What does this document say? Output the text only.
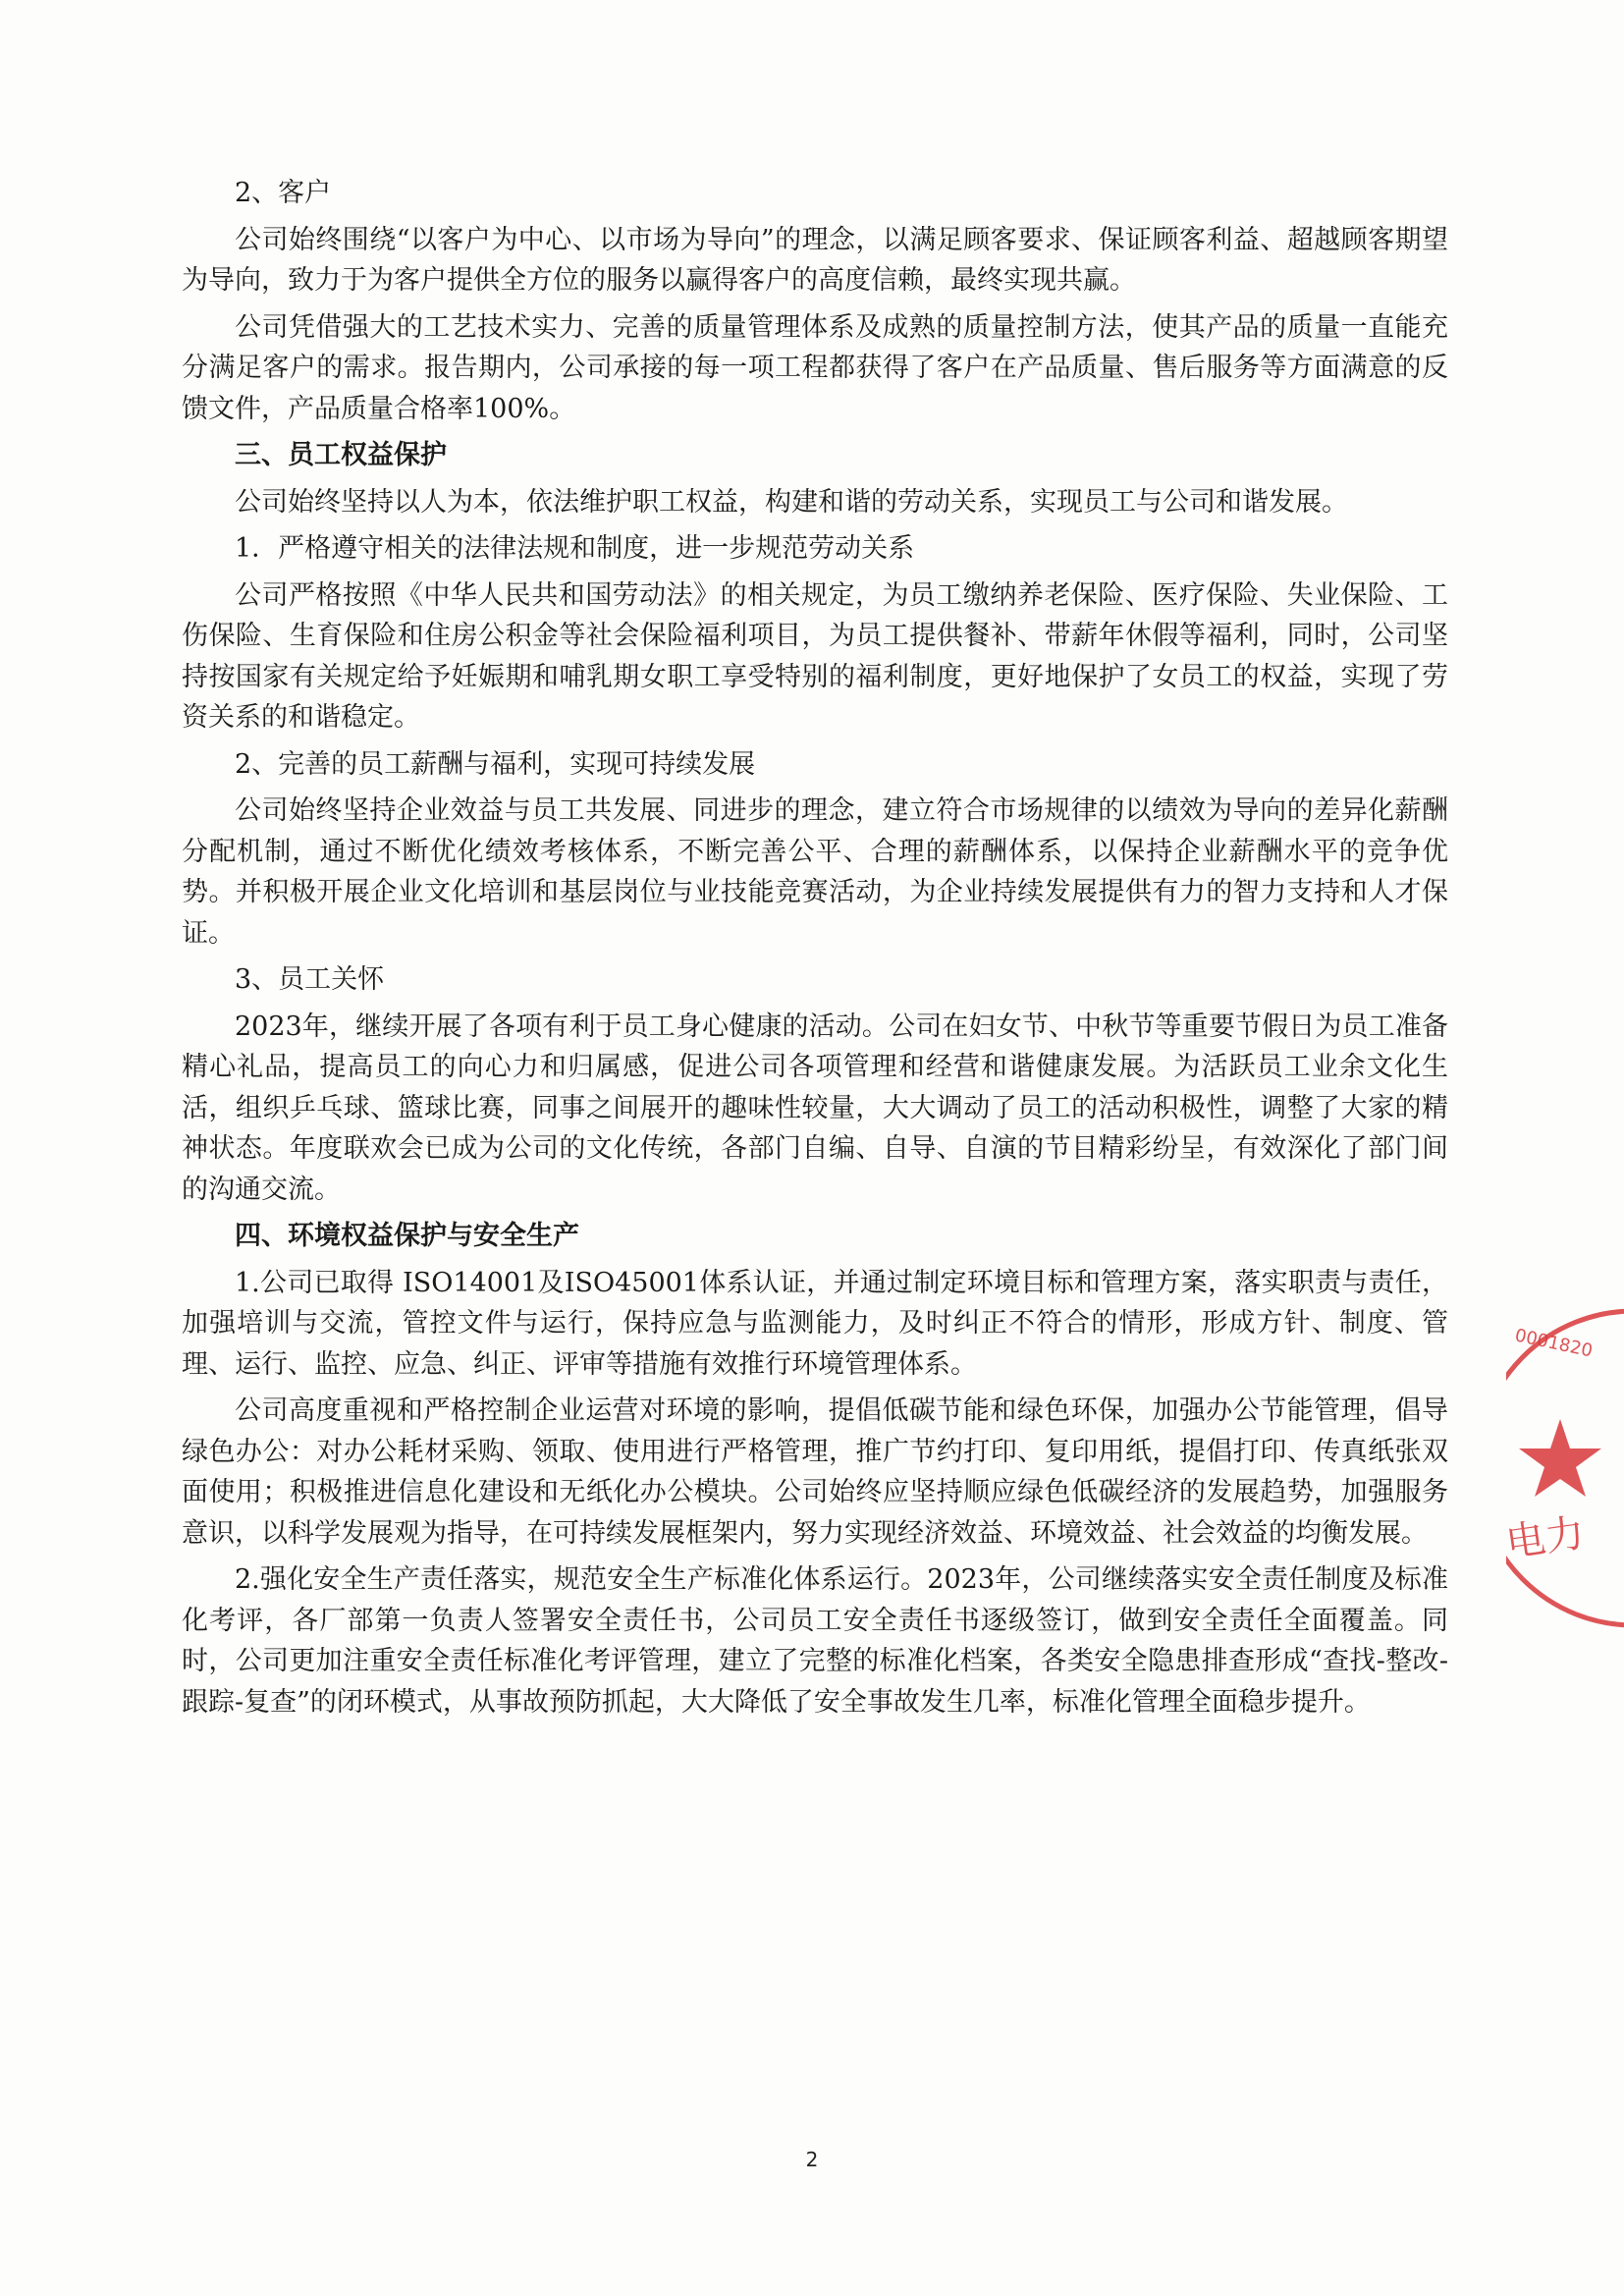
2、客户

公司始终围绕“以客户为中心、以市场为导向”的理念，以满足顾客要求、保证顾客利益、超越顾客期望为导向，致力于为客户提供全方位的服务以赢得客户的高度信赖，最终实现共赢。

公司凭借强大的工艺技术实力、完善的质量管理体系及成熟的质量控制方法，使其产品的质量一直能充分满足客户的需求。报告期内，公司承接的每一项工程都获得了客户在产品质量、售后服务等方面满意的反馈文件，产品质量合格率100%。

三、员工权益保护

公司始终坚持以人为本，依法维护职工权益，构建和谐的劳动关系，实现员工与公司和谐发展。

1．严格遵守相关的法律法规和制度，进一步规范劳动关系

公司严格按照《中华人民共和国劳动法》的相关规定，为员工缴纳养老保险、医疗保险、失业保险、工伤保险、生育保险和住房公积金等社会保险福利项目，为员工提供餐补、带薪年休假等福利，同时，公司坚持按国家有关规定给予妊娠期和哺乳期女职工享受特别的福利制度，更好地保护了女员工的权益，实现了劳资关系的和谐稳定。

2、完善的员工薪酬与福利，实现可持续发展

公司始终坚持企业效益与员工共发展、同进步的理念，建立符合市场规律的以绩效为导向的差异化薪酬分配机制，通过不断优化绩效考核体系，不断完善公平、合理的薪酬体系，以保持企业薪酬水平的竞争优势。并积极开展企业文化培训和基层岗位与业技能竞赛活动，为企业持续发展提供有力的智力支持和人才保证。

3、员工关怀

2023年，继续开展了各项有利于员工身心健康的活动。公司在妇女节、中秋节等重要节假日为员工准备精心礼品，提高员工的向心力和归属感，促进公司各项管理和经营和谐健康发展。为活跃员工业余文化生活，组织乒乓球、篮球比赛，同事之间展开的趣味性较量，大大调动了员工的活动积极性，调整了大家的精神状态。年度联欢会已成为公司的文化传统，各部门自编、自导、自演的节目精彩纷呈，有效深化了部门间的沟通交流。

四、环境权益保护与安全生产

1.公司已取得 ISO14001及ISO45001体系认证，并通过制定环境目标和管理方案，落实职责与责任，加强培训与交流，管控文件与运行，保持应急与监测能力，及时纠正不符合的情形，形成方针、制度、管理、运行、监控、应急、纠正、评审等措施有效推行环境管理体系。

公司高度重视和严格控制企业运营对环境的影响，提倡低碳节能和绿色环保，加强办公节能管理，倡导绿色办公：对办公耗材采购、领取、使用进行严格管理，推广节约打印、复印用纸，提倡打印、传真纸张双面使用；积极推进信息化建设和无纸化办公模块。公司始终应坚持顺应绿色低碳经济的发展趋势，加强服务意识，以科学发展观为指导，在可持续发展框架内，努力实现经济效益、环境效益、社会效益的均衡发展。

2.强化安全生产责任落实，规范安全生产标准化体系运行。2023年，公司继续落实安全责任制度及标准化考评，各厂部第一负责人签署安全责任书，公司员工安全责任书逐级签订，做到安全责任全面覆盖。同时，公司更加注重安全责任标准化考评管理，建立了完整的标准化档案，各类安全隐患排查形成“查找-整改-跟踪-复查”的闭环模式，从事故预防抓起，大大降低了安全事故发生几率，标准化管理全面稳步提升。

2
0001820
电力
